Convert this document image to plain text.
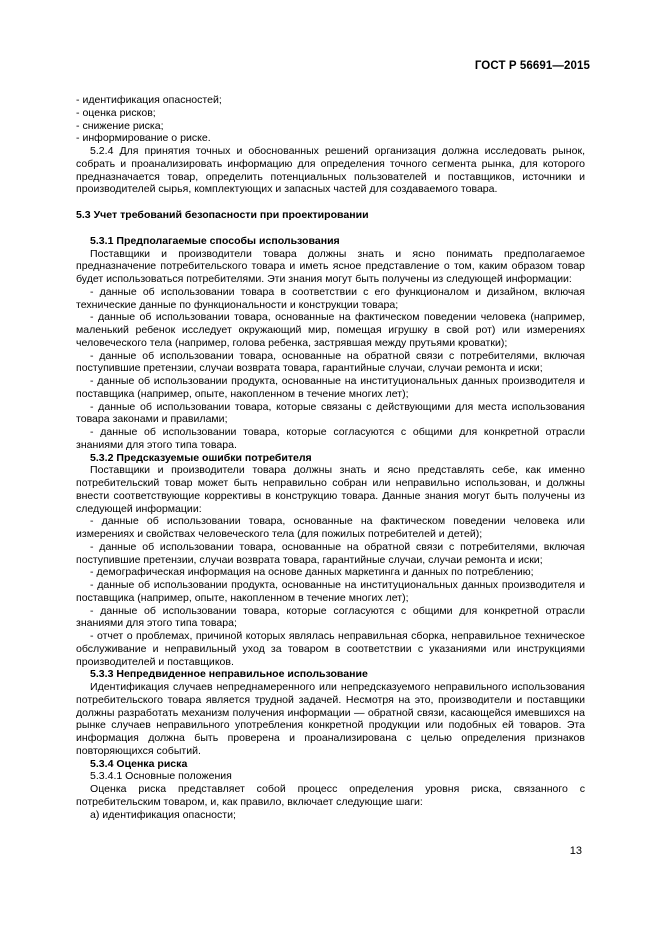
ГОСТ Р 56691—2015

- идентификация опасностей;

- оценка рисков;

- снижение риска;

- информирование о риске.

5.2.4 Для принятия точных и обоснованных решений организация должна исследовать рынок, собрать и проанализировать информацию для определения точного сегмента рынка, для которого предназначается товар, определить потенциальных пользователей и поставщиков, источники и производителей сырья, комплектующих и запасных частей для создаваемого товара.

5.3 Учет требований безопасности при проектировании

5.3.1 Предполагаемые способы использования

Поставщики и производители товара должны знать и ясно понимать предполагаемое предназначение потребительского товара и иметь ясное представление о том, каким образом товар будет использоваться потребителями. Эти знания могут быть получены из следующей информации:

- данные об использовании товара в соответствии с его функционалом и дизайном, включая технические данные по функциональности и конструкции товара;

- данные об использовании товара, основанные на фактическом поведении человека (например, маленький ребенок исследует окружающий мир, помещая игрушку в свой рот) или измерениях человеческого тела (например, голова ребенка, застрявшая между прутьями кроватки);

- данные об использовании товара, основанные на обратной связи с потребителями, включая поступившие претензии, случаи возврата товара, гарантийные случаи, случаи ремонта и иски;

- данные об использовании продукта, основанные на институциональных данных производителя и поставщика (например, опыте, накопленном в течение многих лет);

- данные об использовании товара, которые связаны с действующими для места использования товара законами и правилами;

- данные об использовании товара, которые согласуются с общими для конкретной отрасли знаниями для этого типа товара.

5.3.2 Предсказуемые ошибки потребителя

Поставщики и производители товара должны знать и ясно представлять себе, как именно потребительский товар может быть неправильно собран или неправильно использован, и должны внести соответствующие коррективы в конструкцию товара. Данные знания могут быть получены из следующей информации:

- данные об использовании товара, основанные на фактическом поведении человека или измерениях и свойствах человеческого тела (для пожилых потребителей и детей);

- данные об использовании товара, основанные на обратной связи с потребителями, включая поступившие претензии, случаи возврата товара, гарантийные случаи, случаи ремонта и иски;

- демографическая информация на основе данных маркетинга и данных по потреблению;

- данные об использовании продукта, основанные на институциональных данных производителя и поставщика (например, опыте, накопленном в течение многих лет);

- данные об использовании товара, которые согласуются с общими для конкретной отрасли знаниями для этого типа товара;

- отчет о проблемах, причиной которых являлась неправильная сборка, неправильное техническое обслуживание и неправильный уход за товаром в соответствии с указаниями или инструкциями производителей и поставщиков.

5.3.3 Непредвиденное неправильное использование

Идентификация случаев непреднамеренного или непредсказуемого неправильного использования потребительского товара является трудной задачей. Несмотря на это, производители и поставщики должны разработать механизм получения информации — обратной связи, касающейся имевшихся на рынке случаев неправильного употребления конкретной продукции или подобных ей товаров. Эта информация должна быть проверена и проанализирована с целью определения признаков повторяющихся событий.

5.3.4 Оценка риска

5.3.4.1 Основные положения

Оценка риска представляет собой процесс определения уровня риска, связанного с потребительским товаром, и, как правило, включает следующие шаги:

а) идентификация опасности;

13
